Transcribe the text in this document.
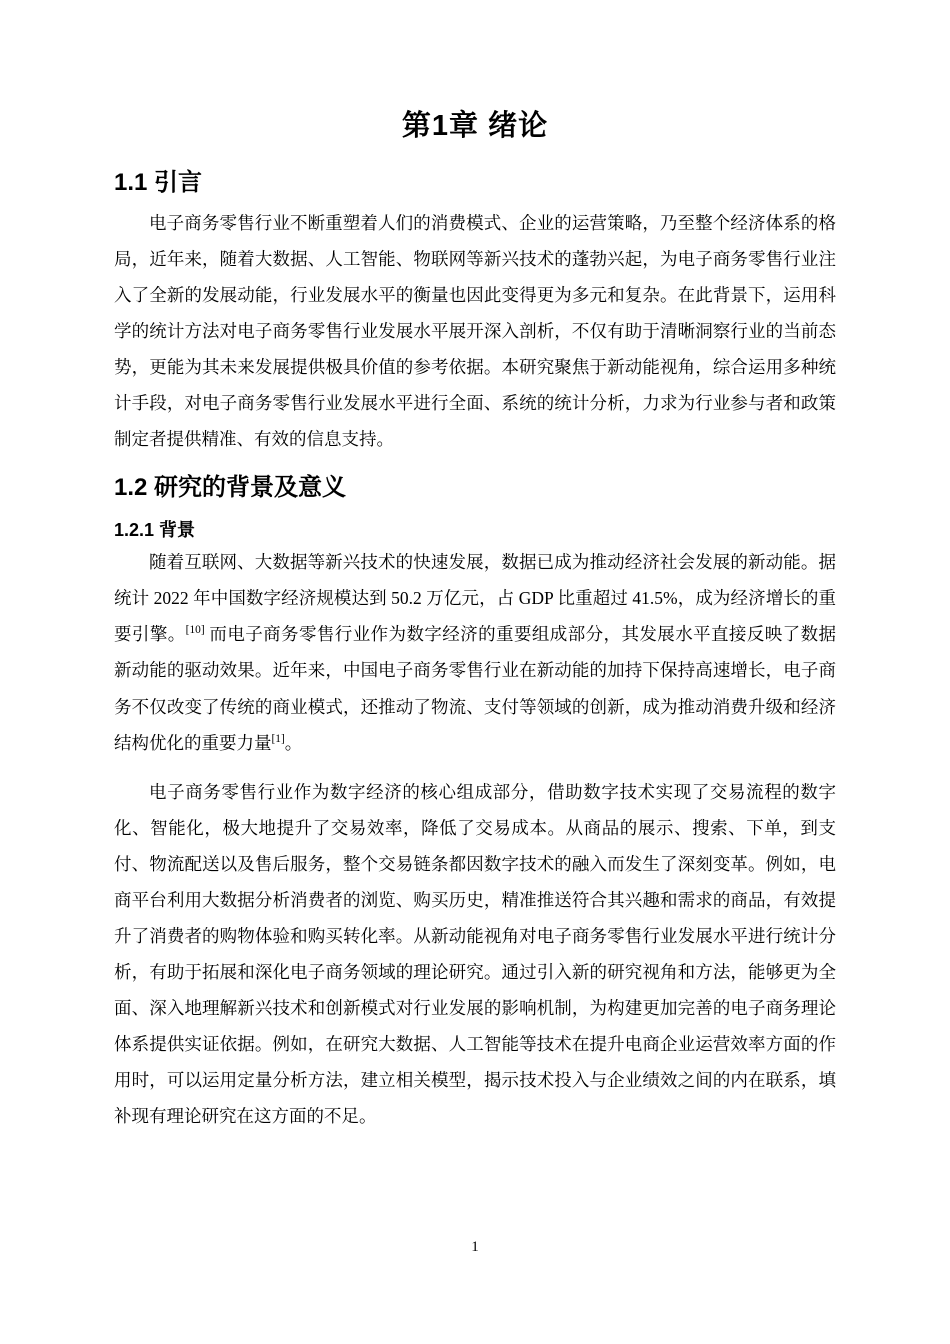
第1章 绪论
1.1 引言

电子商务零售行业不断重塑着人们的消费模式、企业的运营策略，乃至整个经济体系的格局，近年来，随着大数据、人工智能、物联网等新兴技术的蓬勃兴起，为电子商务零售行业注入了全新的发展动能，行业发展水平的衡量也因此变得更为多元和复杂。在此背景下，运用科学的统计方法对电子商务零售行业发展水平展开深入剖析，不仅有助于清晰洞察行业的当前态势，更能为其未来发展提供极具价值的参考依据。本研究聚焦于新动能视角，综合运用多种统计手段，对电子商务零售行业发展水平进行全面、系统的统计分析，力求为行业参与者和政策制定者提供精准、有效的信息支持。

1.2 研究的背景及意义
1.2.1 背景

随着互联网、大数据等新兴技术的快速发展，数据已成为推动经济社会发展的新动能。据统计 2022 年中国数字经济规模达到 50.2 万亿元，占 GDP 比重超过 41.5%，成为经济增长的重要引擎。[10] 而电子商务零售行业作为数字经济的重要组成部分，其发展水平直接反映了数据新动能的驱动效果。近年来，中国电子商务零售行业在新动能的加持下保持高速增长，电子商务不仅改变了传统的商业模式，还推动了物流、支付等领域的创新，成为推动消费升级和经济结构优化的重要力量[1]。

电子商务零售行业作为数字经济的核心组成部分，借助数字技术实现了交易流程的数字化、智能化，极大地提升了交易效率，降低了交易成本。从商品的展示、搜索、下单，到支付、物流配送以及售后服务，整个交易链条都因数字技术的融入而发生了深刻变革。例如，电商平台利用大数据分析消费者的浏览、购买历史，精准推送符合其兴趣和需求的商品，有效提升了消费者的购物体验和购买转化率。从新动能视角对电子商务零售行业发展水平进行统计分析，有助于拓展和深化电子商务领域的理论研究。通过引入新的研究视角和方法，能够更为全面、深入地理解新兴技术和创新模式对行业发展的影响机制，为构建更加完善的电子商务理论体系提供实证依据。例如，在研究大数据、人工智能等技术在提升电商企业运营效率方面的作用时，可以运用定量分析方法，建立相关模型，揭示技术投入与企业绩效之间的内在联系，填补现有理论研究在这方面的不足。

1
